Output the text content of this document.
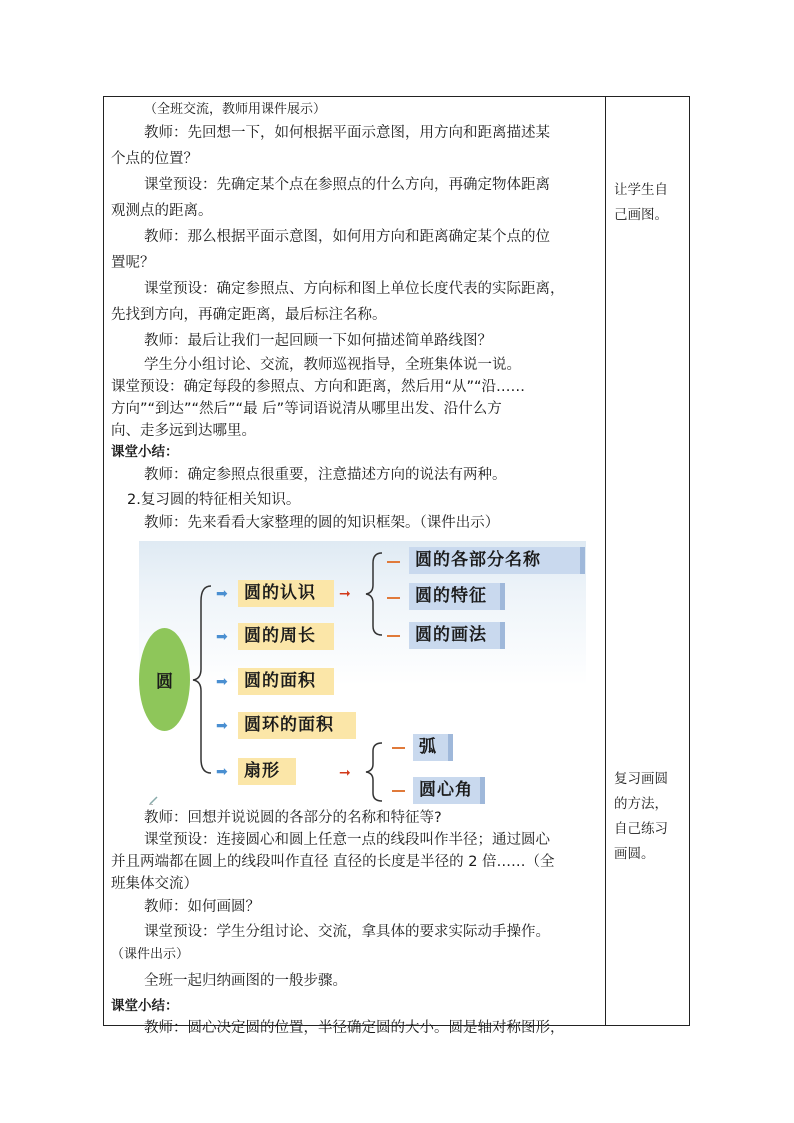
（全班交流，教师用课件展示）

教师：先回想一下，如何根据平面示意图，用方向和距离描述某

个点的位置？

课堂预设：先确定某个点在参照点的什么方向，再确定物体距离

观测点的距离。

教师：那么根据平面示意图，如何用方向和距离确定某个点的位

置呢？

课堂预设：确定参照点、方向标和图上单位长度代表的实际距离，

先找到方向，再确定距离，最后标注名称。

教师：最后让我们一起回顾一下如何描述简单路线图？

学生分小组讨论、交流，教师巡视指导，全班集体说一说。

课堂预设：确定每段的参照点、方向和距离，然后用“从”“沿……

方向”“到达”“然后”“最 后”等词语说清从哪里出发、沿什么方

向、走多远到达哪里。

课堂小结：

教师：确定参照点很重要，注意描述方向的说法有两种。

2.复习圆的特征相关知识。

教师：先来看看大家整理的圆的知识框架。（课件出示）

圆
➡ 圆的认识	➞
➡ 圆的周长
➡ 圆的面积
➡ 圆环的面积
➡ 扇形	➞
圆的各部分名称
圆的特征
圆的画法
弧
圆心角

教师：回想并说说圆的各部分的名称和特征等?

课堂预设：连接圆心和圆上任意一点的线段叫作半径；通过圆心

并且两端都在圆上的线段叫作直径 直径的长度是半径的 2 倍……（全

班集体交流）

教师：如何画圆？

课堂预设：学生分组讨论、交流，拿具体的要求实际动手操作。

（课件出示）

全班一起归纳画图的一般步骤。

课堂小结：

教师：圆心决定圆的位置，半径确定圆的大小。圆是轴对称图形，

让学生自
己画图。
复习画圆
的方法，
自己练习
画圆。
